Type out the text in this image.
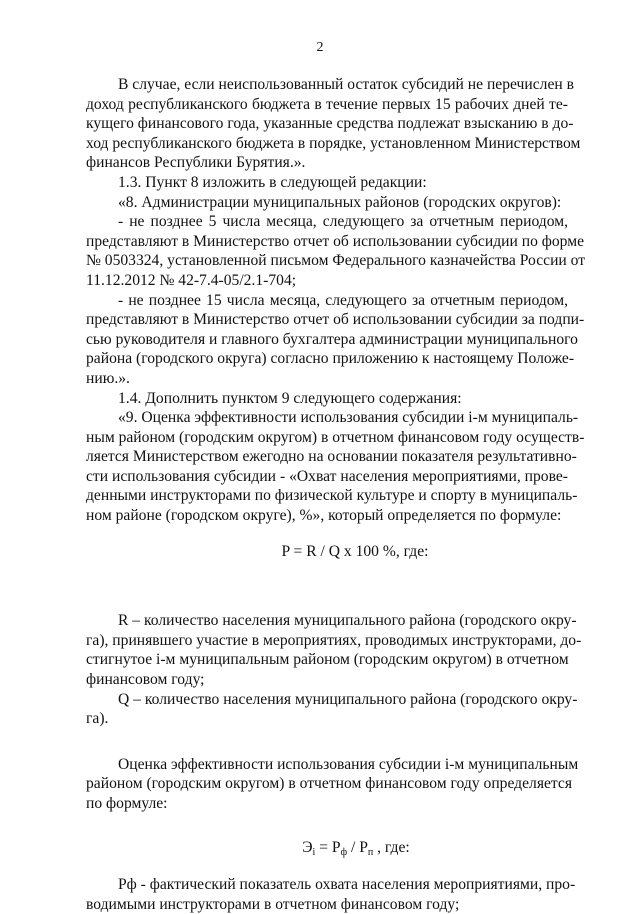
2
В случае, если неиспользованный остаток субсидий не перечислен в
доход республиканского бюджета в течение первых 15 рабочих дней те-
кущего финансового года, указанные средства подлежат взысканию в до-
ход республиканского бюджета в порядке, установленном Министерством
финансов Республики Бурятия.».
1.3. Пункт 8 изложить в следующей редакции:
«8. Администрации муниципальных районов (городских округов):
- не позднее 5 числа месяца, следующего за отчетным периодом,
представляют в Министерство отчет об использовании субсидии по форме
№ 0503324, установленной письмом Федерального казначейства России от
11.12.2012 № 42-7.4-05/2.1-704;
- не позднее 15 числа месяца, следующего за отчетным периодом,
представляют в Министерство отчет об использовании субсидии за подпи-
сью руководителя и главного бухгалтера администрации муниципального
района (городского округа) согласно приложению к настоящему Положе-
нию.».
1.4. Дополнить пунктом 9 следующего содержания:
«9. Оценка эффективности использования субсидии i-м муниципаль-
ным районом (городским округом) в отчетном финансовом году осуществ-
ляется Министерством ежегодно на основании показателя результативно-
сти использования субсидии - «Охват населения мероприятиями, прове-
денными инструкторами по физической культуре и спорту в муниципаль-
ном районе (городском округе), %», который определяется по формуле:
P = R / Q x 100 %, где:
R – количество населения муниципального района (городского окру-
га), принявшего участие в мероприятиях, проводимых инструкторами, до-
стигнутое i-м муниципальным районом (городским округом) в отчетном
финансовом году;
Q – количество населения муниципального района (городского окру-
га).
Оценка эффективности использования субсидии i-м муниципальным
районом (городским округом) в отчетном финансовом году определяется
по формуле:
$Э_i = Р_ф / Р_п$ , где:
Рф - фактический показатель охвата населения мероприятиями, про-
водимыми инструкторами в отчетном финансовом году;
